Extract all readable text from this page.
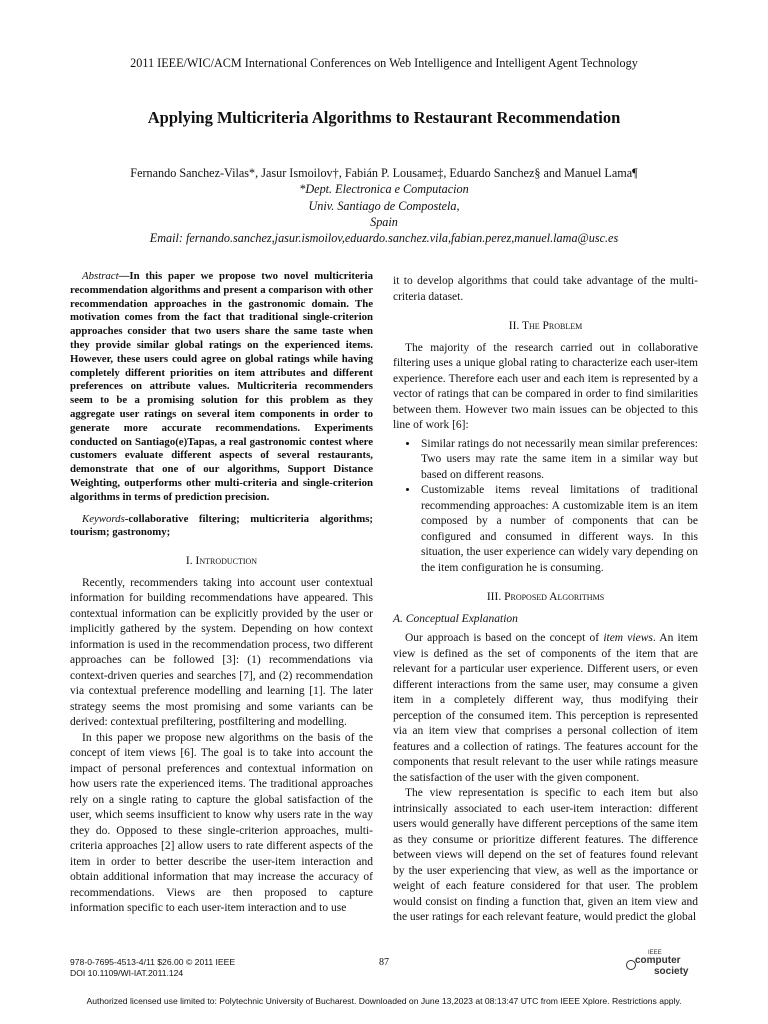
2011 IEEE/WIC/ACM International Conferences on Web Intelligence and Intelligent Agent Technology
Applying Multicriteria Algorithms to Restaurant Recommendation
Fernando Sanchez-Vilas*, Jasur Ismoilov†, Fabián P. Lousame‡, Eduardo Sanchez§ and Manuel Lama¶
*Dept. Electronica e Computacion
Univ. Santiago de Compostela,
Spain
Email: fernando.sanchez,jasur.ismoilov,eduardo.sanchez.vila,fabian.perez,manuel.lama@usc.es

Abstract—In this paper we propose two novel multicriteria recommendation algorithms and present a comparison with other recommendation approaches in the gastronomic domain. The motivation comes from the fact that traditional single-criterion approaches consider that two users share the same taste when they provide similar global ratings on the experienced items. However, these users could agree on global ratings while having completely different priorities on item attributes and different preferences on attribute values. Multicriteria recommenders seem to be a promising solution for this problem as they aggregate user ratings on several item components in order to generate more accurate recommendations. Experiments conducted on Santiago(e)Tapas, a real gastronomic contest where customers evaluate different aspects of several restaurants, demonstrate that one of our algorithms, Support Distance Weighting, outperforms other multi-criteria and single-criterion algorithms in terms of prediction precision.

Keywords-collaborative filtering; multicriteria algorithms; tourism; gastronomy;

I. Introduction

Recently, recommenders taking into account user contextual information for building recommendations have appeared. This contextual information can be explicitly provided by the user or implicitly gathered by the system. Depending on how context information is used in the recommendation process, two different approaches can be followed [3]: (1) recommendations via context-driven queries and searches [7], and (2) recommendation via contextual preference modelling and learning [1]. The later strategy seems the most promising and some variants can be derived: contextual prefiltering, postfiltering and modelling.

In this paper we propose new algorithms on the basis of the concept of item views [6]. The goal is to take into account the impact of personal preferences and contextual information on how users rate the experienced items. The traditional approaches rely on a single rating to capture the global satisfaction of the user, which seems insufficient to know why users rate in the way they do. Opposed to these single-criterion approaches, multi-criteria approaches [2] allow users to rate different aspects of the item in order to better describe the user-item interaction and obtain additional information that may increase the accuracy of recommendations. Views are then proposed to capture information specific to each user-item interaction and to use

it to develop algorithms that could take advantage of the multi-criteria dataset.

II. The Problem

The majority of the research carried out in collaborative filtering uses a unique global rating to characterize each user-item experience. Therefore each user and each item is represented by a vector of ratings that can be compared in order to find similarities between them. However two main issues can be objected to this line of work [6]:

• Similar ratings do not necessarily mean similar preferences: Two users may rate the same item in a similar way but based on different reasons.
• Customizable items reveal limitations of traditional recommending approaches: A customizable item is an item composed by a number of components that can be configured and consumed in different ways. In this situation, the user experience can widely vary depending on the item configuration he is consuming.
III. Proposed Algorithms
A. Conceptual Explanation

Our approach is based on the concept of item views. An item view is defined as the set of components of the item that are relevant for a particular user experience. Different users, or even different interactions from the same user, may consume a given item in a completely different way, thus modifying their perception of the consumed item. This perception is represented via an item view that comprises a personal collection of item features and a collection of ratings. The features account for the components that result relevant to the user while ratings measure the satisfaction of the user with the given component.

The view representation is specific to each item but also intrinsically associated to each user-item interaction: different users would generally have different perceptions of the same item as they consume or prioritize different features. The difference between views will depend on the set of features found relevant by the user experiencing that view, as well as the importance or weight of each feature considered for that user. The problem would consist on finding a function that, given an item view and the user ratings for each relevant feature, would predict the global

978-0-7695-4513-4/11 $26.00 © 2011 IEEE
DOI 10.1109/WI-IAT.2011.124
87
IEEE
computer
society
Authorized licensed use limited to: Polytechnic University of Bucharest. Downloaded on June 13,2023 at 08:13:47 UTC from IEEE Xplore. Restrictions apply.
